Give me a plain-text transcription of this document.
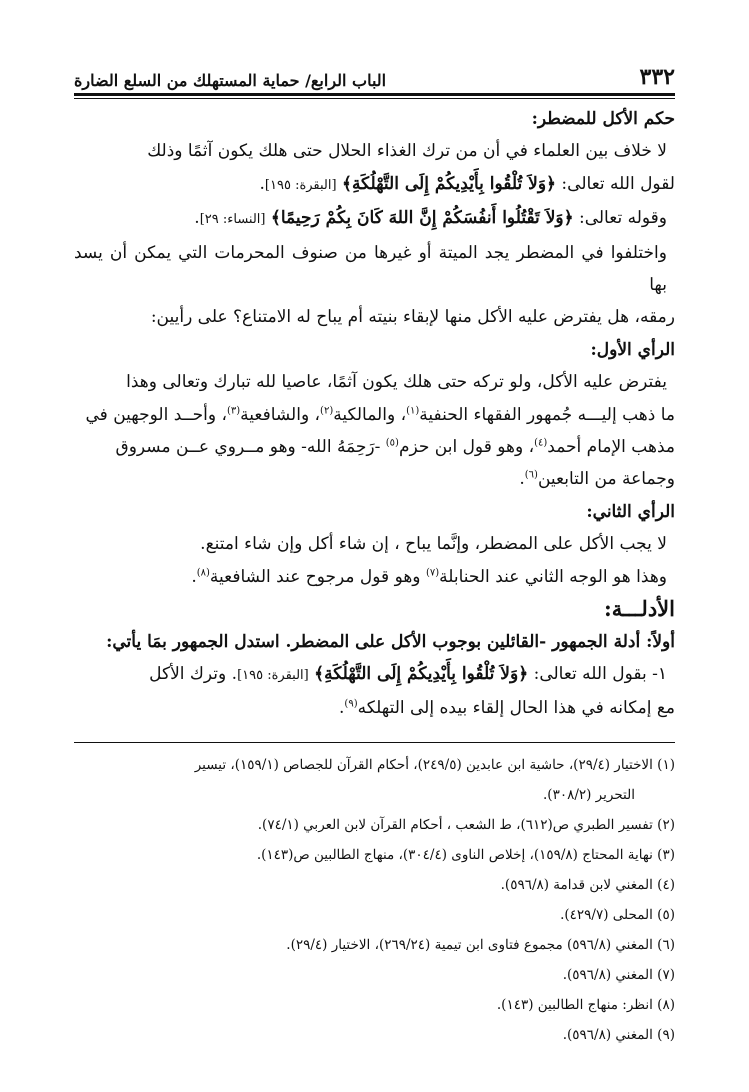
٣٣٢
الباب الرابع/ حماية المستهلك من السلع الضارة

حكم الأكل للمضطر:

لا خلاف بين العلماء في أن من ترك الغذاء الحلال حتى هلك يكون آثمًا وذلك

لقول الله تعالى: ﴿وَلاَ تُلْقُوا بِأَيْدِيكُمْ إِلَى التَّهْلُكَةِ﴾ [البقرة: ١٩٥].

وقوله تعالى: ﴿وَلاَ تَقْتُلُوا أَنفُسَكُمْ إِنَّ اللهَ كَانَ بِكُمْ رَحِيمًا﴾ [النساء: ٢٩].

واختلفوا في المضطر يجد الميتة أو غيرها من صنوف المحرمات التي يمكن أن يسد بها

رمقه، هل يفترض عليه الأكل منها لإبقاء بنيته أم يباح له الامتناع؟ على رأيين:

الرأي الأول:

يفترض عليه الأكل، ولو تركه حتى هلك يكون آثمًا، عاصيا لله تبارك وتعالى وهذا

ما ذهب إليـــه جُمهور الفقهاء الحنفية$^{(١)}$، والمالكية$^{(٢)}$، والشافعية$^{(٣)}$، وأحــد الوجهين في

مذهب الإمام أحمد$^{(٤)}$، وهو قول ابن حزم$^{(٥)}$ -رَحِمَهُ الله- وهو مــروي عــن مسروق

وجماعة من التابعين$^{(٦)}$.

الرأي الثاني:

لا يجب الأكل على المضطر، وإنَّما يباح ، إن شاء أكل وإن شاء امتنع.

وهذا هو الوجه الثاني عند الحنابلة$^{(٧)}$ وهو قول مرجوح عند الشافعية$^{(٨)}$.

الأدلـــة:

أولاً: أدلة الجمهور -القائلين بوجوب الأكل على المضطر. استدل الجمهور بمَا يأتي:

١- بقول الله تعالى: ﴿وَلاَ تُلْقُوا بِأَيْدِيكُمْ إِلَى التَّهْلُكَةِ﴾ [البقرة: ١٩٥]. وترك الأكل

مع إمكانه في هذا الحال إلقاء بيده إلى التهلكه$^{(٩)}$.

(١) الاختيار (٢٩/٤)، حاشية ابن عابدين (٢٤٩/٥)، أحكام القرآن للجصاص (١٥٩/١)، تيسير

التحرير (٣٠٨/٢).

(٢) تفسير الطبري ص(٦١٢)، ط الشعب ، أحكام القرآن لابن العربي (٧٤/١).

(٣) نهاية المحتاج (١٥٩/٨)، إخلاص الناوى (٣٠٤/٤)، منهاج الطالبين ص(١٤٣).

(٤) المغني لابن قدامة (٥٩٦/٨).

(٥) المحلى (٤٢٩/٧).

(٦) المغني (٥٩٦/٨) مجموع فتاوى ابن تيمية (٢٦٩/٢٤)، الاختيار (٢٩/٤).

(٧) المغني (٥٩٦/٨).

(٨) انظر: منهاج الطالبين (١٤٣).

(٩) المغني (٥٩٦/٨).
